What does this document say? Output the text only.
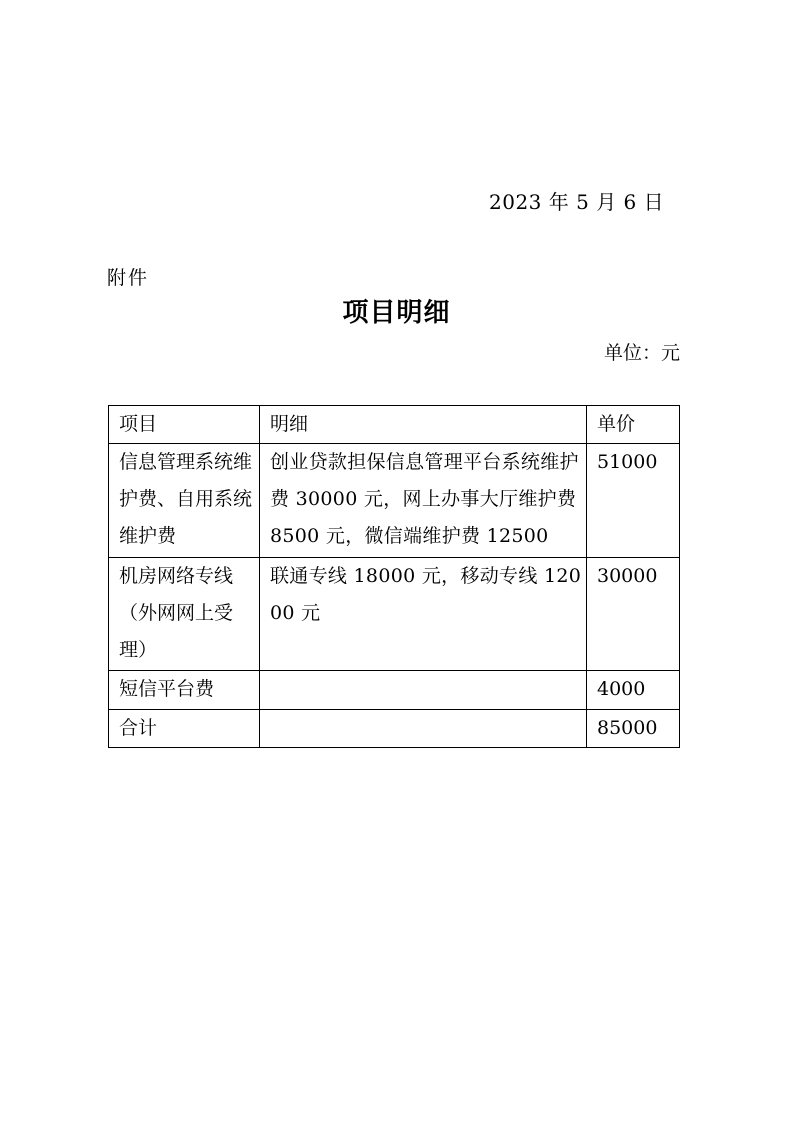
2023 年 5 月 6 日
附件
项目明细
单位：元
项目	明细	单价
信息管理系统维护费、自用系统维护费	创业贷款担保信息管理平台系统维护费 30000 元，网上办事大厅维护费 8500 元，微信端维护费 12500	51000
机房网络专线（外网网上受理）	联通专线 18000 元，移动专线 12000 元	30000
短信平台费		4000
合计		85000
